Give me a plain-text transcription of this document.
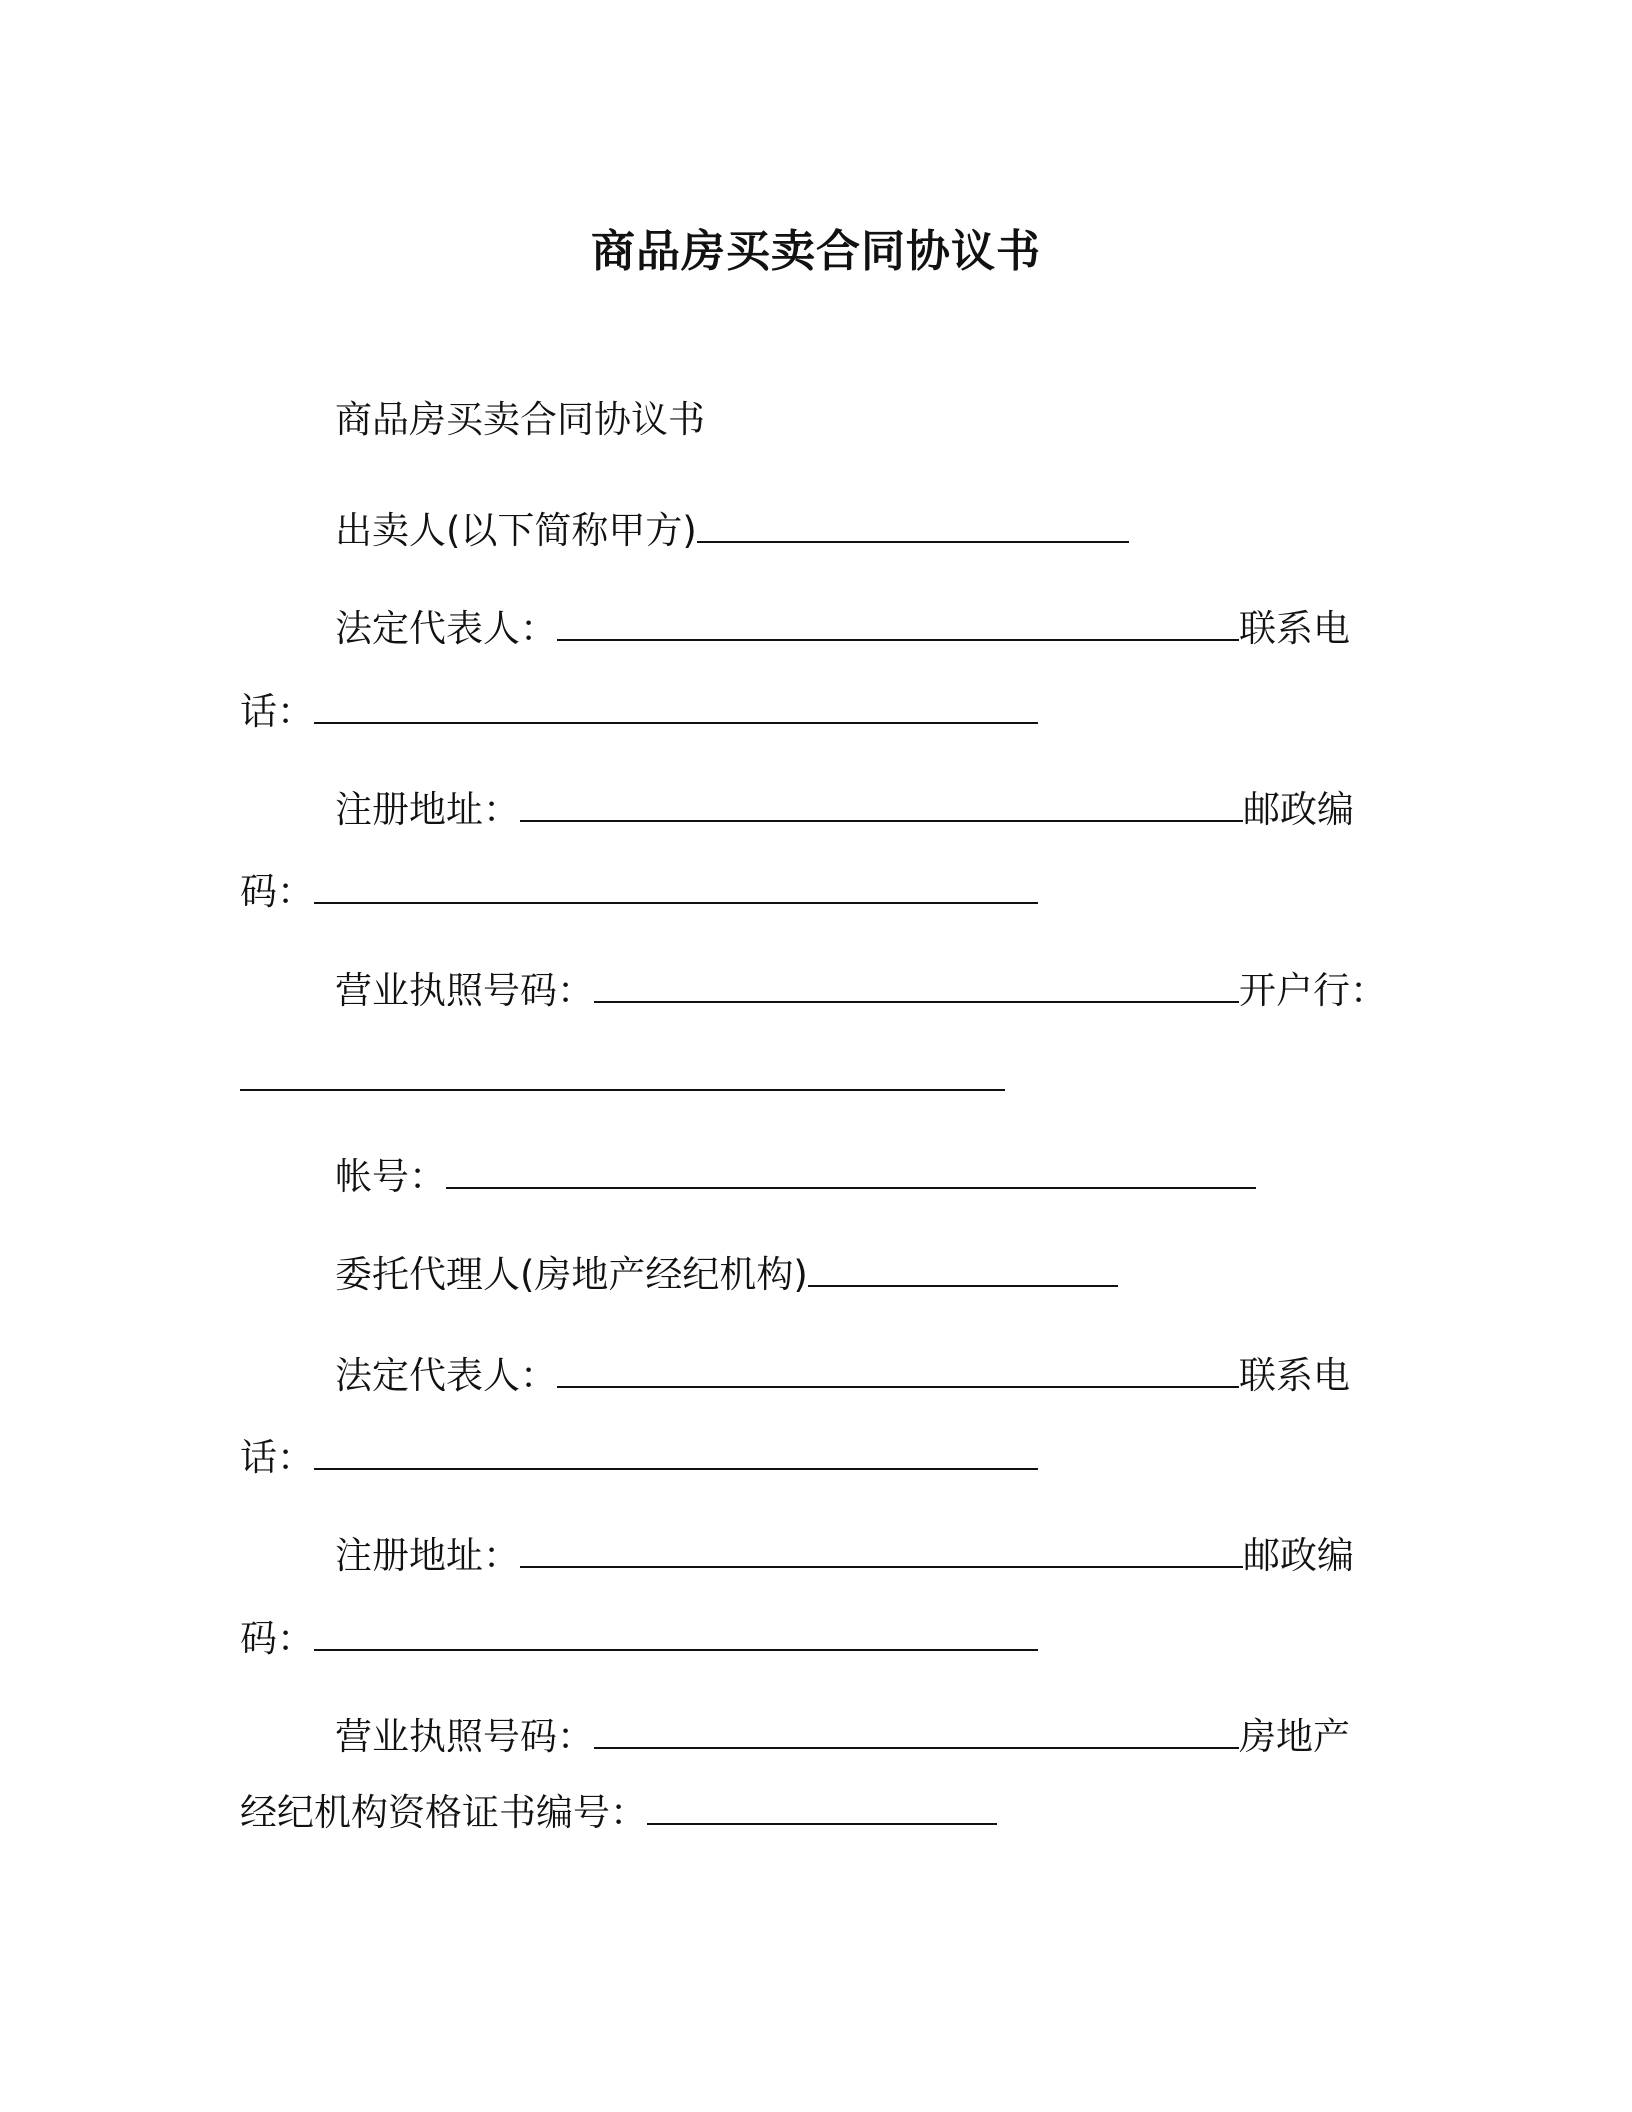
商品房买卖合同协议书

商品房买卖合同协议书

出卖人(以下简称甲方)

法定代表人：	联系电

话：

注册地址：	邮政编

码：

营业执照号码：	开户行：

帐号：

委托代理人(房地产经纪机构)

法定代表人：	联系电

话：

注册地址：	邮政编

码：

营业执照号码：	房地产

经纪机构资格证书编号：
